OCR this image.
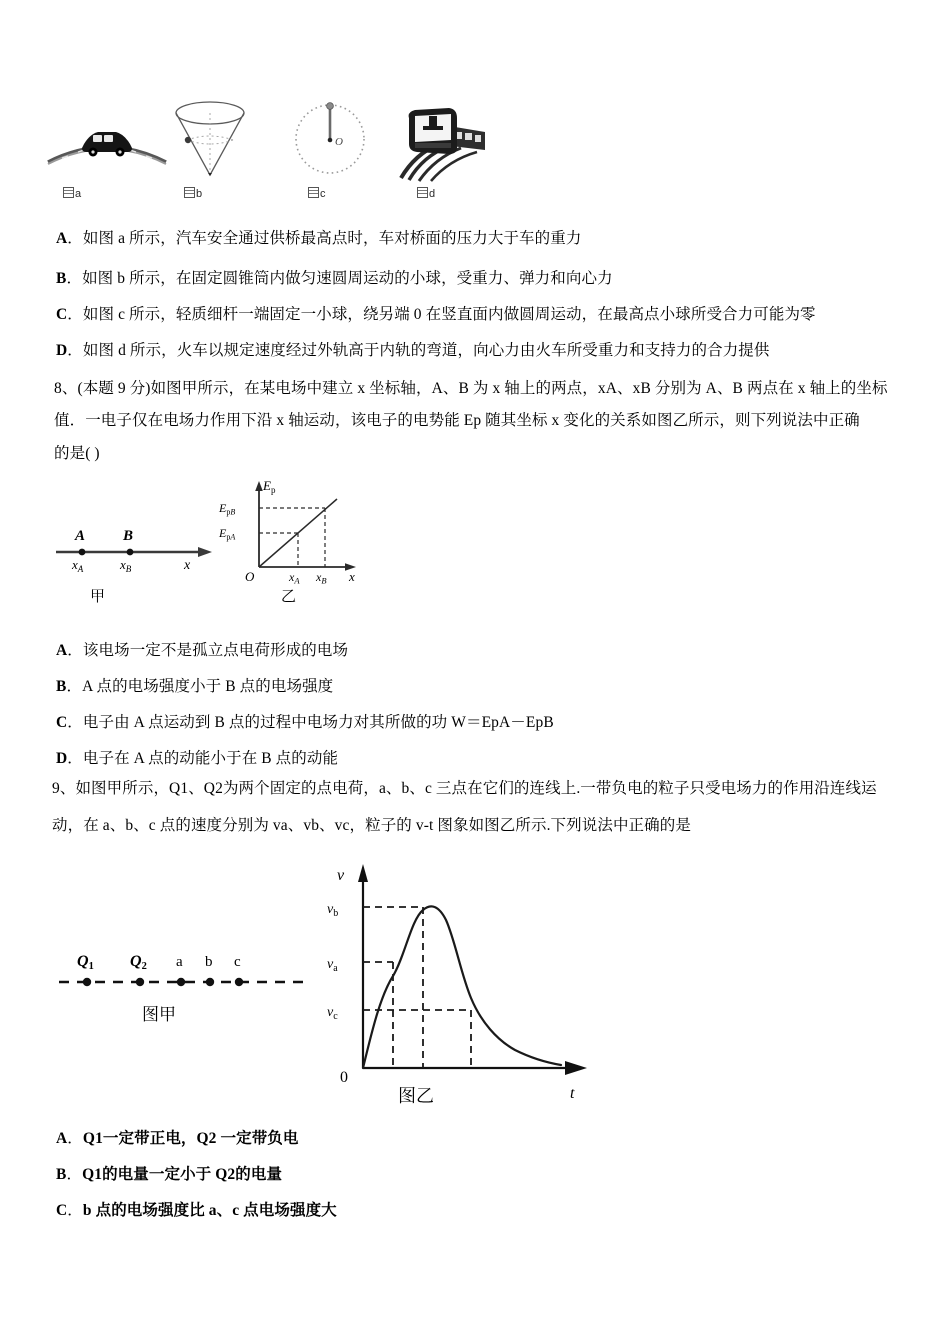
O
a	b	c	d
A．如图 a 所示，汽车安全通过供桥最高点时，车对桥面的压力大于车的重力
B．如图 b 所示，在固定圆锥筒内做匀速圆周运动的小球，受重力、弹力和向心力
C．如图 c 所示，轻质细杆一端固定一小球，绕另端 0 在竖直面内做圆周运动，在最高点小球所受合力可能为零
D．如图 d 所示，火车以规定速度经过外轨高于内轨的弯道，向心力由火车所受重力和支持力的合力提供
8、(本题 9 分)如图甲所示，在某电场中建立 x 坐标轴，A、B 为 x 轴上的两点，xA、xB 分别为 A、B 两点在 x 轴上的坐标
值．一电子仅在电场力作用下沿 x 轴运动，该电子的电势能 Ep 随其坐标 x 变化的关系如图乙所示，则下列说法中正确
的是( )
A	B
$x_A$	$x_B$	x
$E_p$
x
O
$E_pB$
$E_pA$
$x_A$ $x_B$
甲	乙
A．该电场一定不是孤立点电荷形成的电场
B．A 点的电场强度小于 B 点的电场强度
C．电子由 A 点运动到 B 点的过程中电场力对其所做的功 W＝EpA－EpB
D．电子在 A 点的动能小于在 B 点的动能
9、如图甲所示，Q1、Q2为两个固定的点电荷，a、b、c 三点在它们的连线上.一带负电的粒子只受电场力的作用沿连线运
动，在 a、b、c 点的速度分别为 va、vb、vc，粒子的 v-t 图象如图乙所示.下列说法中正确的是
Q1 Q2 a b c
图甲
v
t
0
$v_b$
$v_a$
$v_c$
图乙
A．Q1一定带正电，Q2 一定带负电
B．Q1的电量一定小于 Q2的电量
C．b 点的电场强度比 a、c 点电场强度大
